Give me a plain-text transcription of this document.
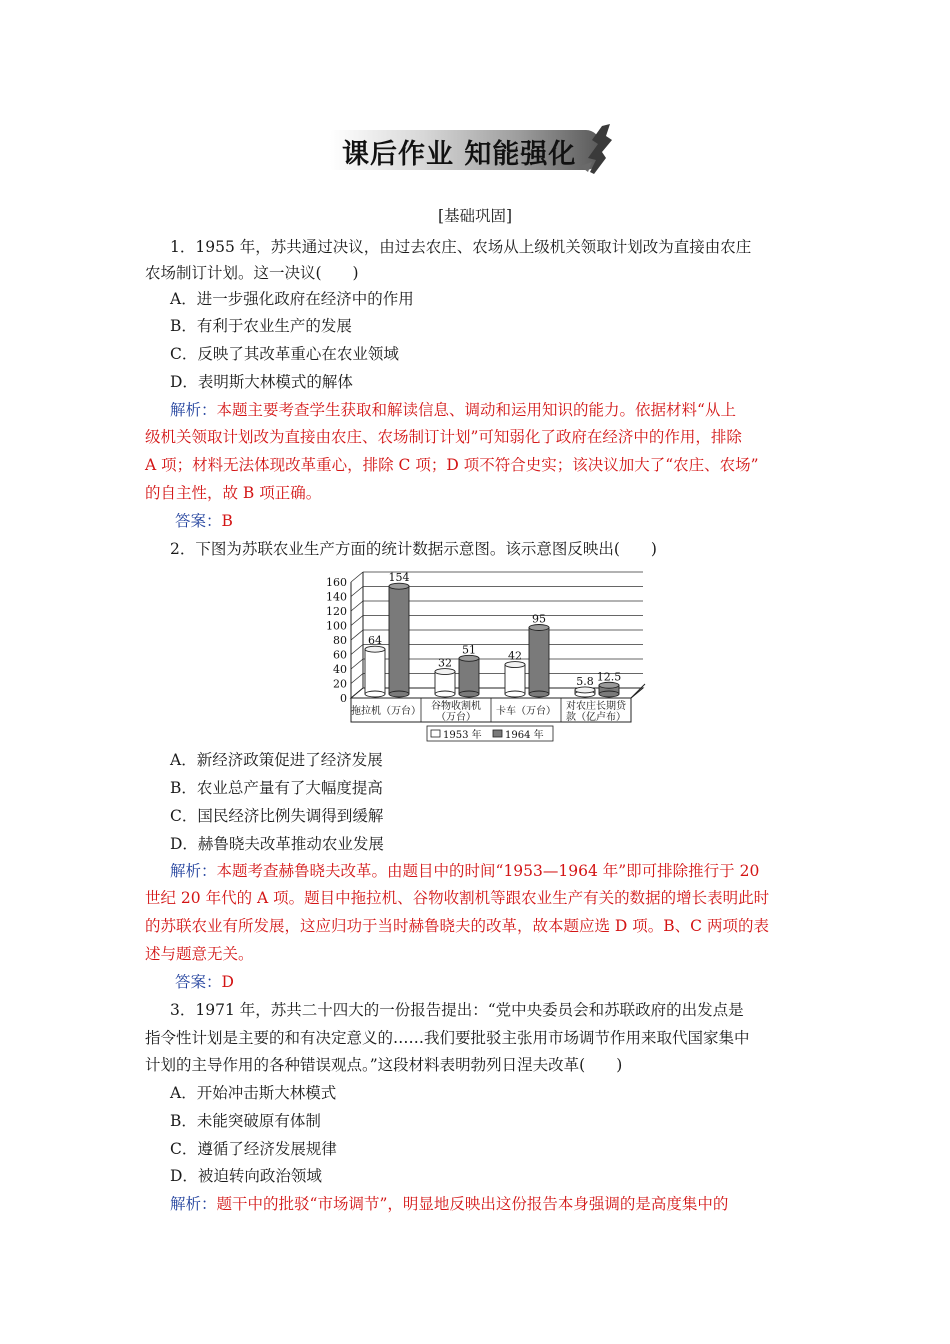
课后作业 知能强化
[基础巩固]
1．1955 年，苏共通过决议，由过去农庄、农场从上级机关领取计划改为直接由农庄
农场制订计划。这一决议(　　)
A．进一步强化政府在经济中的作用
B．有利于农业生产的发展
C．反映了其改革重心在农业领域
D．表明斯大林模式的解体
解析：本题主要考查学生获取和解读信息、调动和运用知识的能力。依据材料“从上
级机关领取计划改为直接由农庄、农场制订计划”可知弱化了政府在经济中的作用，排除
A 项；材料无法体现改革重心，排除 C 项；D 项不符合史实；该决议加大了“农庄、农场”
的自主性，故 B 项正确。
答案：B
2．下图为苏联农业生产方面的统计数据示意图。该示意图反映出(　　)
0
20
40
60
80
100
120
140
160
64
154
32
51	42
95
5.8 12.5
拖拉机（万台） 谷物收割机
（万台）
卡车（万台） 对农庄长期贷
款（亿卢布）
1953 年 1964 年
A．新经济政策促进了经济发展
B．农业总产量有了大幅度提高
C．国民经济比例失调得到缓解
D．赫鲁晓夫改革推动农业发展
解析：本题考查赫鲁晓夫改革。由题目中的时间“1953—1964 年”即可排除推行于 20
世纪 20 年代的 A 项。题目中拖拉机、谷物收割机等跟农业生产有关的数据的增长表明此时
的苏联农业有所发展，这应归功于当时赫鲁晓夫的改革，故本题应选 D 项。B、C 两项的表
述与题意无关。
答案：D
3．1971 年，苏共二十四大的一份报告提出：“党中央委员会和苏联政府的出发点是
指令性计划是主要的和有决定意义的……我们要批驳主张用市场调节作用来取代国家集中
计划的主导作用的各种错误观点。”这段材料表明勃列日涅夫改革(　　)
A．开始冲击斯大林模式
B．未能突破原有体制
C．遵循了经济发展规律
D．被迫转向政治领域
解析：题干中的批驳“市场调节”，明显地反映出这份报告本身强调的是高度集中的
